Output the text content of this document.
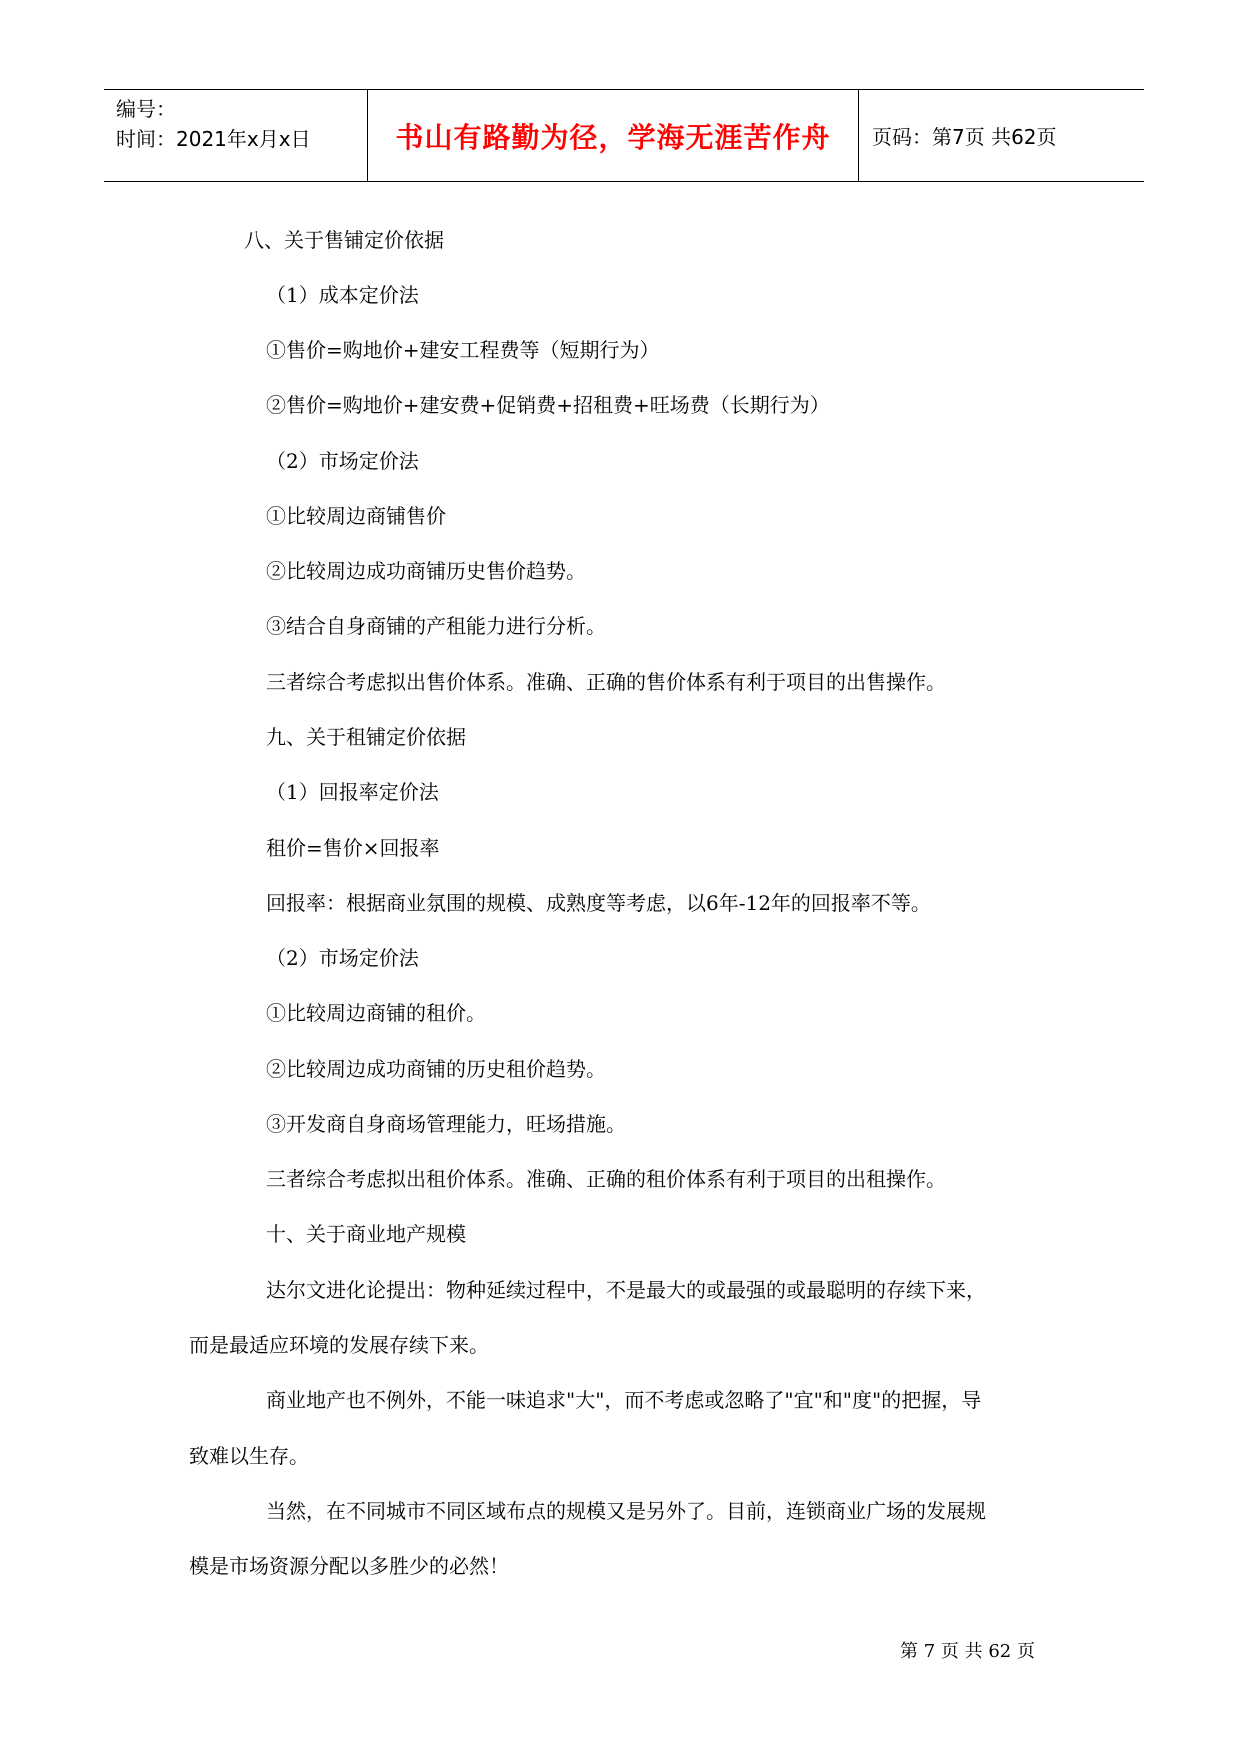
编号：
时间：2021年x月x日	书山有路勤为径，学海无涯苦作舟	页码：第7页 共62页
八、关于售铺定价依据
（1）成本定价法
①售价=购地价+建安工程费等（短期行为）
②售价=购地价+建安费+促销费+招租费+旺场费（长期行为）
（2）市场定价法
①比较周边商铺售价
②比较周边成功商铺历史售价趋势。
③结合自身商铺的产租能力进行分析。
三者综合考虑拟出售价体系。准确、正确的售价体系有利于项目的出售操作。
九、关于租铺定价依据
（1）回报率定价法
租价=售价×回报率
回报率：根据商业氛围的规模、成熟度等考虑，以6年-12年的回报率不等。
（2）市场定价法
①比较周边商铺的租价。
②比较周边成功商铺的历史租价趋势。
③开发商自身商场管理能力，旺场措施。
三者综合考虑拟出租价体系。准确、正确的租价体系有利于项目的出租操作。
十、关于商业地产规模
达尔文进化论提出：物种延续过程中，不是最大的或最强的或最聪明的存续下来，
而是最适应环境的发展存续下来。
商业地产也不例外，不能一味追求"大"，而不考虑或忽略了"宜"和"度"的把握，导
致难以生存。
当然，在不同城市不同区域布点的规模又是另外了。目前，连锁商业广场的发展规
模是市场资源分配以多胜少的必然！
第 7 页 共 62 页
